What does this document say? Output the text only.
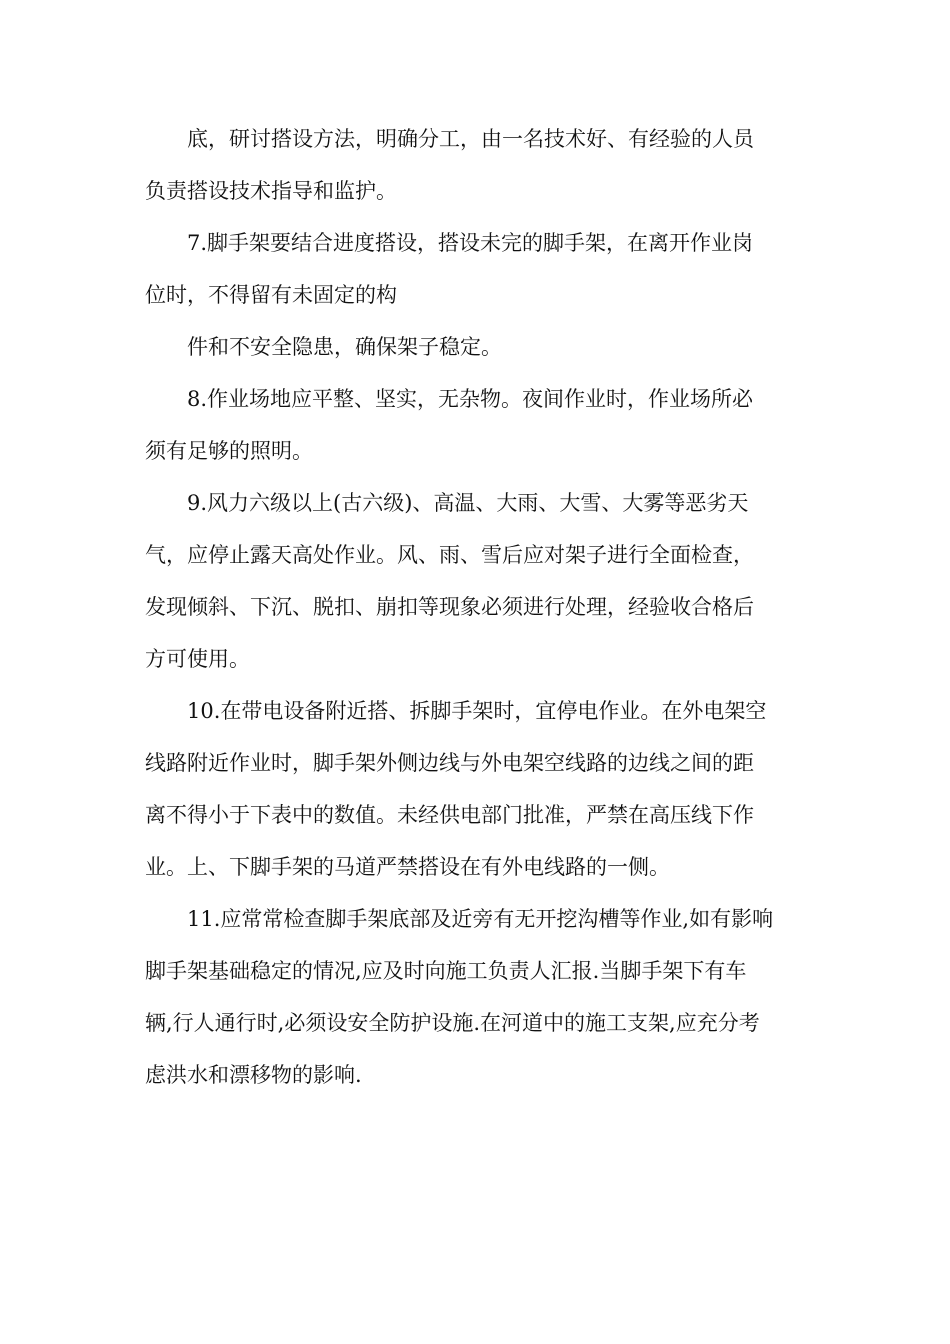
底，研讨搭设方法，明确分工，由一名技术好、有经验的人员
负责搭设技术指导和监护。

7.脚手架要结合进度搭设，搭设未完的脚手架，在离开作业岗
位时，不得留有未固定的构

件和不安全隐患，确保架子稳定。

8.作业场地应平整、坚实，无杂物。夜间作业时，作业场所必
须有足够的照明。

9.风力六级以上(古六级)、高温、大雨、大雪、大雾等恶劣天
气，应停止露天高处作业。风、雨、雪后应对架子进行全面检查，
发现倾斜、下沉、脱扣、崩扣等现象必须进行处理，经验收合格后
方可使用。

10.在带电设备附近搭、拆脚手架时，宜停电作业。在外电架空
线路附近作业时，脚手架外侧边线与外电架空线路的边线之间的距
离不得小于下表中的数值。未经供电部门批准，严禁在高压线下作
业。上、下脚手架的马道严禁搭设在有外电线路的一侧。

11.应常常检查脚手架底部及近旁有无开挖沟槽等作业,如有影响
脚手架基础稳定的情况,应及时向施工负责人汇报.当脚手架下有车
辆,行人通行时,必须设安全防护设施.在河道中的施工支架,应充分考
虑洪水和漂移物的影响.
